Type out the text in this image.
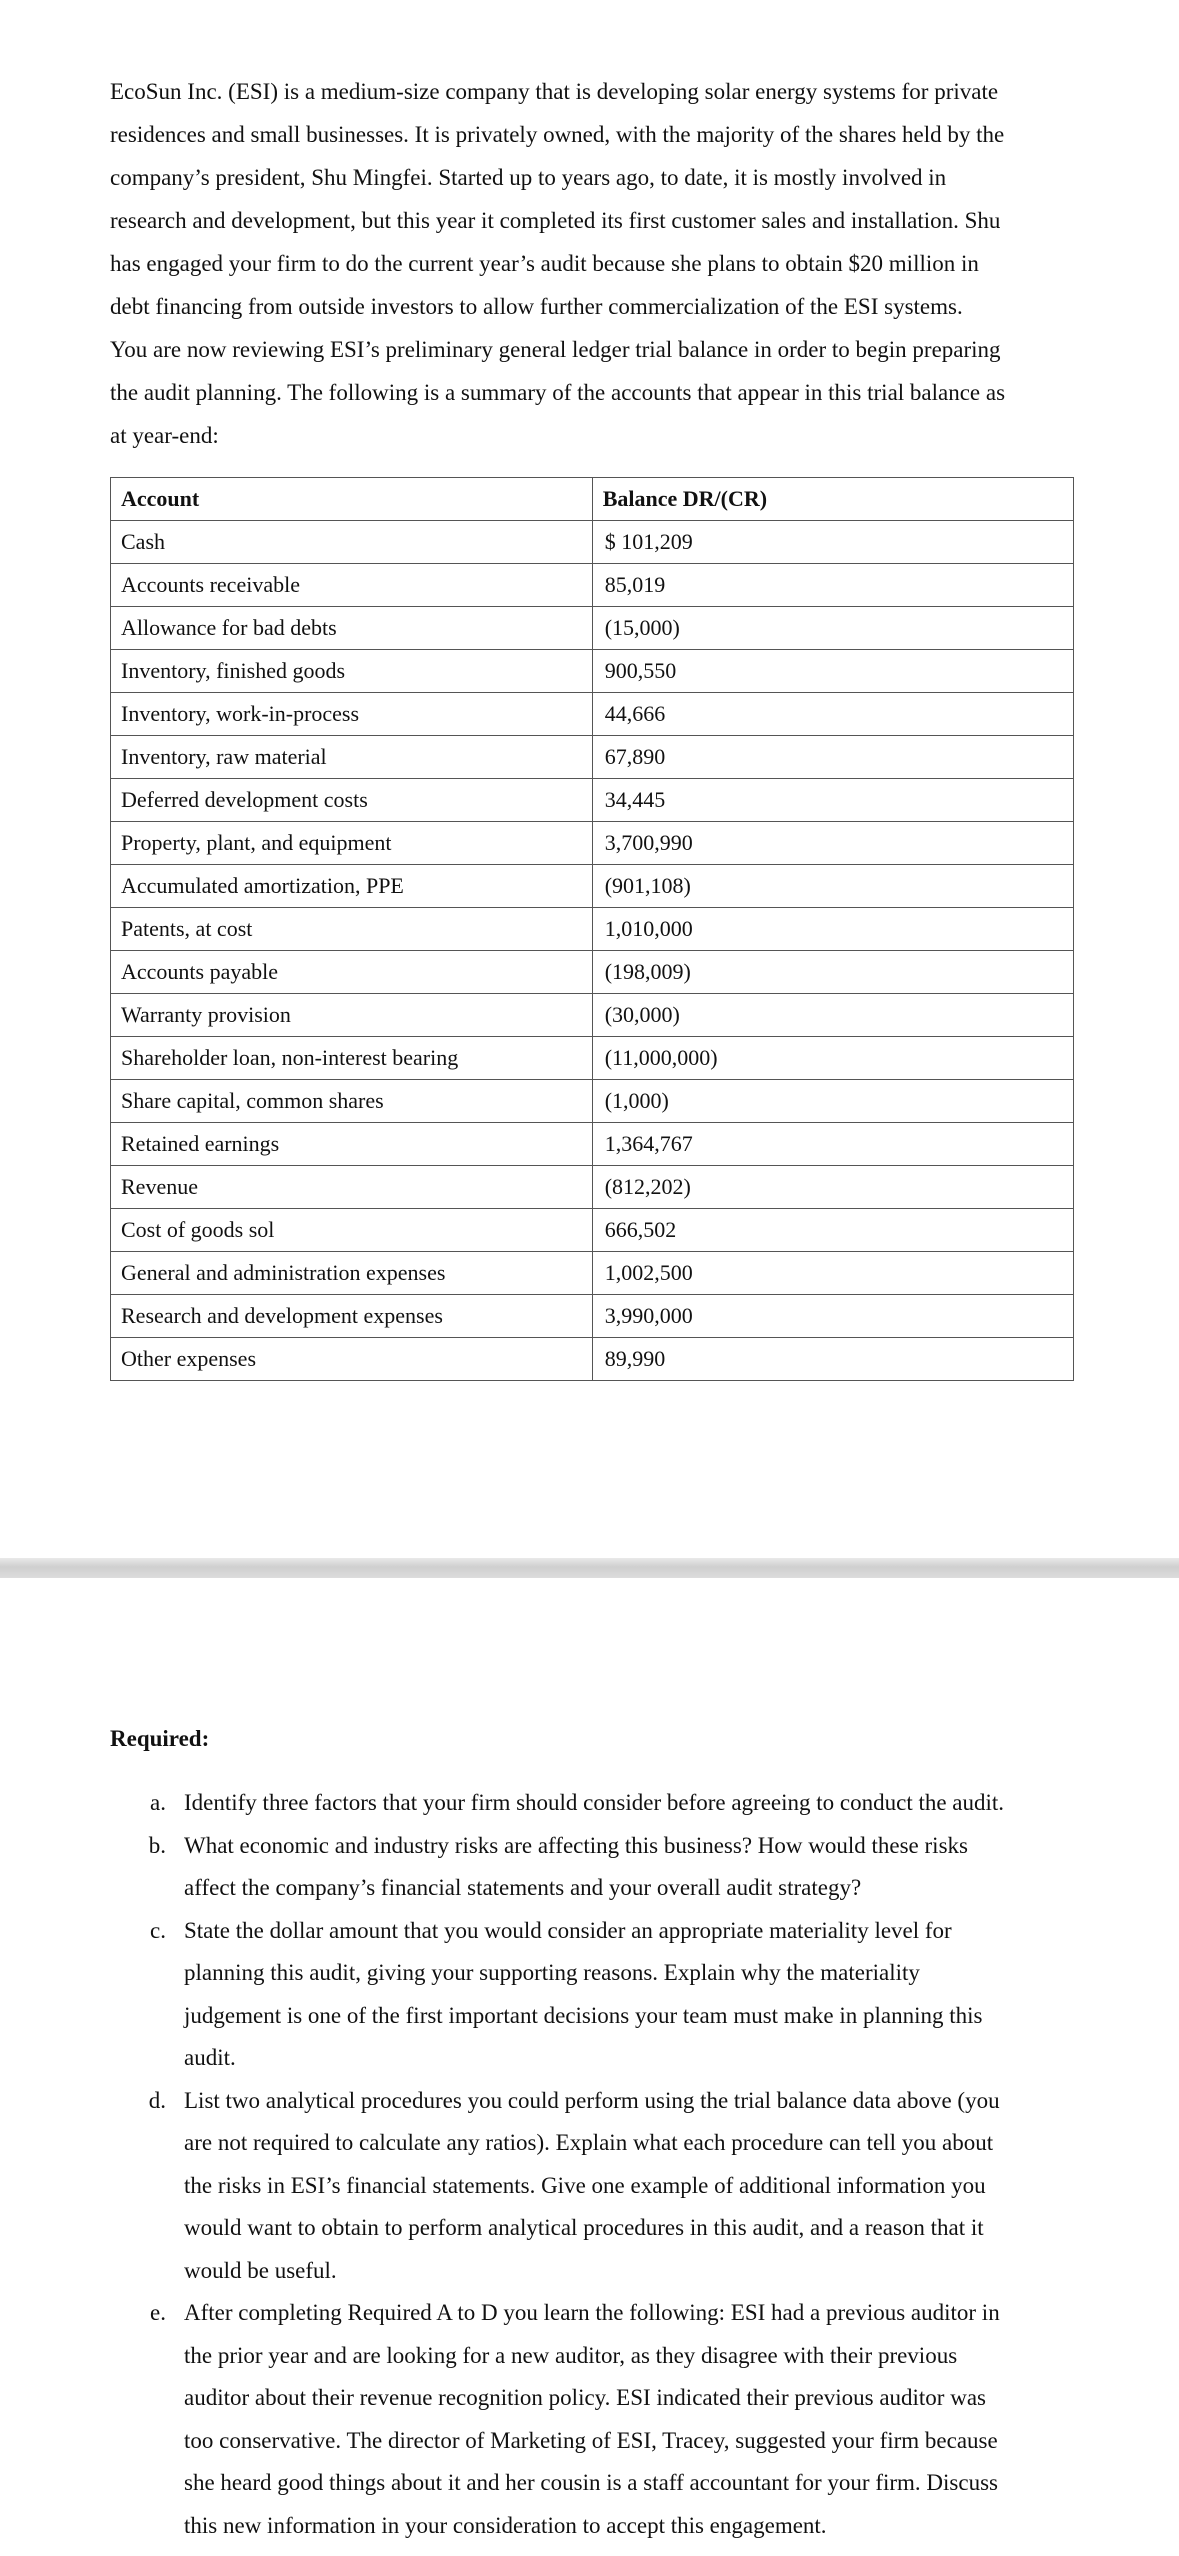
EcoSun Inc. (ESI) is a medium-size company that is developing solar energy systems for private

residences and small businesses. It is privately owned, with the majority of the shares held by the

company’s president, Shu Mingfei. Started up to years ago, to date, it is mostly involved in

research and development, but this year it completed its first customer sales and installation. Shu

has engaged your firm to do the current year’s audit because she plans to obtain $20 million in

debt financing from outside investors to allow further commercialization of the ESI systems.

You are now reviewing ESI’s preliminary general ledger trial balance in order to begin preparing

the audit planning. The following is a summary of the accounts that appear in this trial balance as

at year-end:

Account	Balance DR/(CR)
Cash	$ 101,209
Accounts receivable	85,019
Allowance for bad debts	(15,000)
Inventory, finished goods	900,550
Inventory, work-in-process	44,666
Inventory, raw material	67,890
Deferred development costs	34,445
Property, plant, and equipment	3,700,990
Accumulated amortization, PPE	(901,108)
Patents, at cost	1,010,000
Accounts payable	(198,009)
Warranty provision	(30,000)
Shareholder loan, non-interest bearing	(11,000,000)
Share capital, common shares	(1,000)
Retained earnings	1,364,767
Revenue	(812,202)
Cost of goods sol	666,502
General and administration expenses	1,002,500
Research and development expenses	3,990,000
Other expenses	89,990

Required:

a. Identify three factors that your firm should consider before agreeing to conduct the audit.
b. What economic and industry risks are affecting this business? How would these risks
affect the company’s financial statements and your overall audit strategy?
c. State the dollar amount that you would consider an appropriate materiality level for
planning this audit, giving your supporting reasons. Explain why the materiality
judgement is one of the first important decisions your team must make in planning this
audit.
d. List two analytical procedures you could perform using the trial balance data above (you
are not required to calculate any ratios). Explain what each procedure can tell you about
the risks in ESI’s financial statements. Give one example of additional information you
would want to obtain to perform analytical procedures in this audit, and a reason that it
would be useful.
e. After completing Required A to D you learn the following: ESI had a previous auditor in
the prior year and are looking for a new auditor, as they disagree with their previous
auditor about their revenue recognition policy. ESI indicated their previous auditor was
too conservative. The director of Marketing of ESI, Tracey, suggested your firm because
she heard good things about it and her cousin is a staff accountant for your firm. Discuss
this new information in your consideration to accept this engagement.
